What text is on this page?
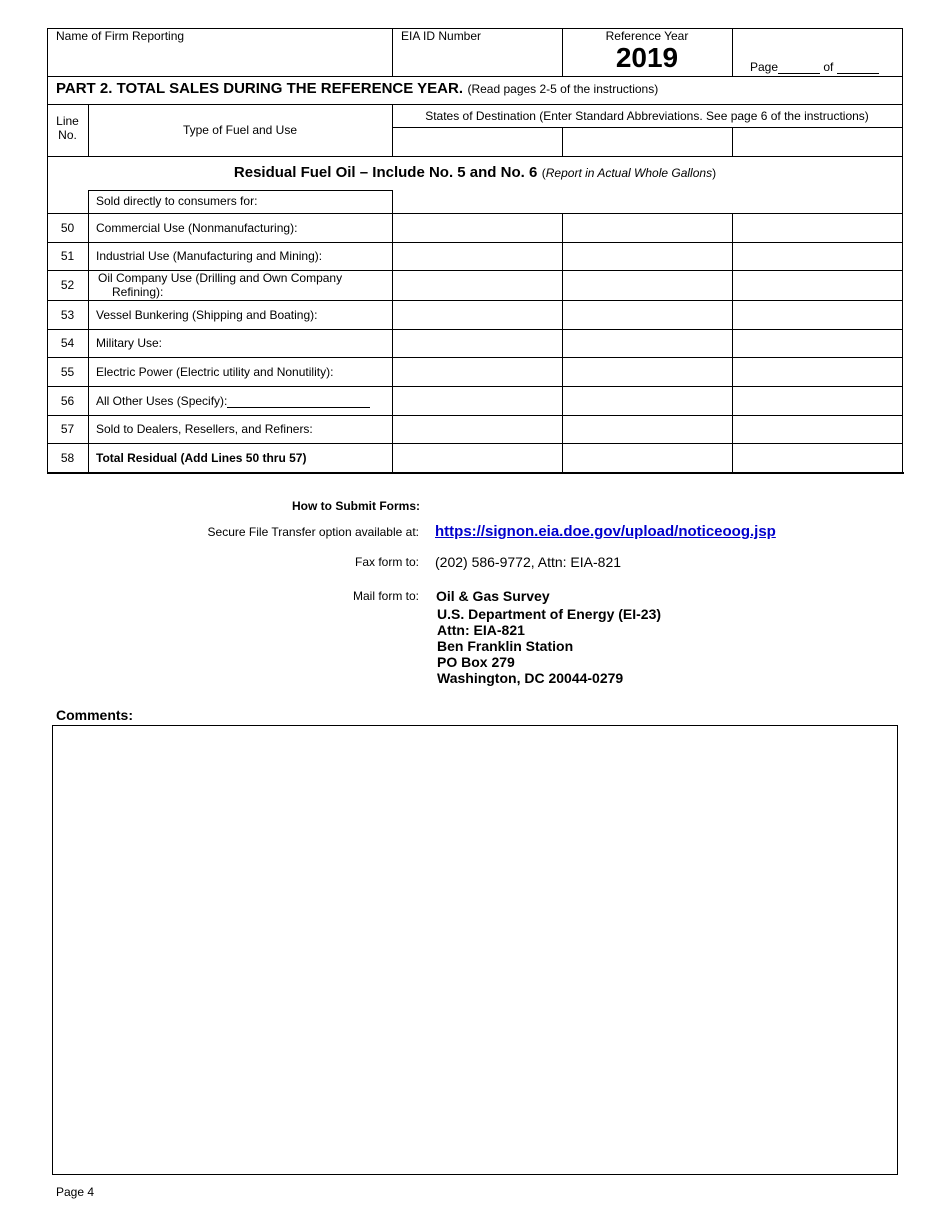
Name of Firm Reporting	EIA ID Number	Reference Year
2019	Page	of
PART 2. TOTAL SALES DURING THE REFERENCE YEAR. (Read pages 2-5 of the instructions)
Line
No.	Type of Fuel and Use
States of Destination (Enter Standard Abbreviations. See page 6 of the instructions)
Residual Fuel Oil – Include No. 5 and No. 6 (Report in Actual Whole Gallons)
Sold directly to consumers for:
50	Commercial Use (Nonmanufacturing):
51	Industrial Use (Manufacturing and Mining):
52	Oil Company Use (Drilling and Own Company
Refining):
53	Vessel Bunkering (Shipping and Boating):
54	Military Use:
55	Electric Power (Electric utility and Nonutility):
56	All Other Uses (Specify):
57	Sold to Dealers, Resellers, and Refiners:
58	Total Residual (Add Lines 50 thru 57)
How to Submit Forms:
Secure File Transfer option available at: https://signon.eia.doe.gov/upload/noticeoog.jsp
Fax form to: (202) 586-9772, Attn: EIA-821
Mail form to: Oil & Gas Survey
U.S. Department of Energy (EI-23)
Attn: EIA-821
Ben Franklin Station
PO Box 279
Washington, DC 20044-0279
Comments:
Page 4
